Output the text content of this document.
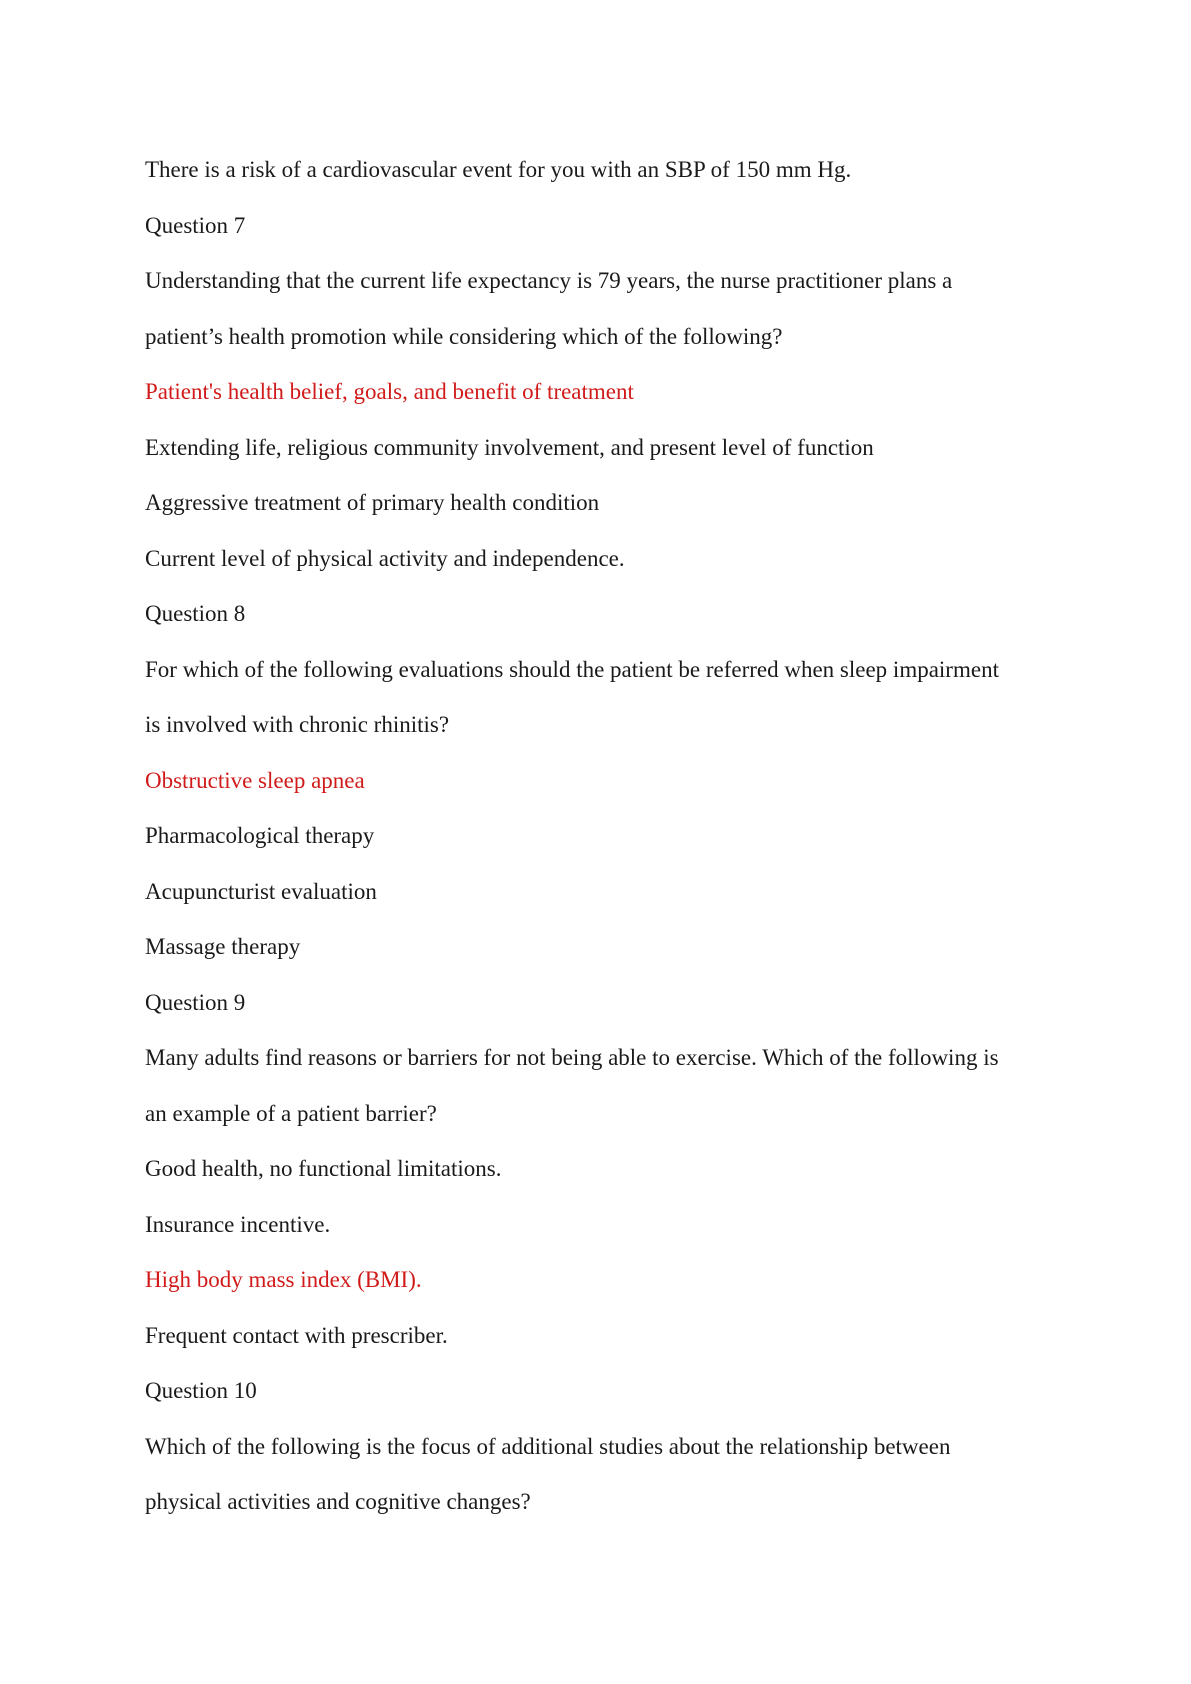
There is a risk of a cardiovascular event for you with an SBP of 150 mm Hg.

Question 7

Understanding that the current life expectancy is 79 years, the nurse practitioner plans a

patient’s health promotion while considering which of the following?

Patient's health belief, goals, and benefit of treatment

Extending life, religious community involvement, and present level of function

Aggressive treatment of primary health condition

Current level of physical activity and independence.

Question 8

For which of the following evaluations should the patient be referred when sleep impairment

is involved with chronic rhinitis?

Obstructive sleep apnea

Pharmacological therapy

Acupuncturist evaluation

Massage therapy

Question 9

Many adults find reasons or barriers for not being able to exercise. Which of the following is

an example of a patient barrier?

Good health, no functional limitations.

Insurance incentive.

High body mass index (BMI).

Frequent contact with prescriber.

Question 10

Which of the following is the focus of additional studies about the relationship between

physical activities and cognitive changes?
